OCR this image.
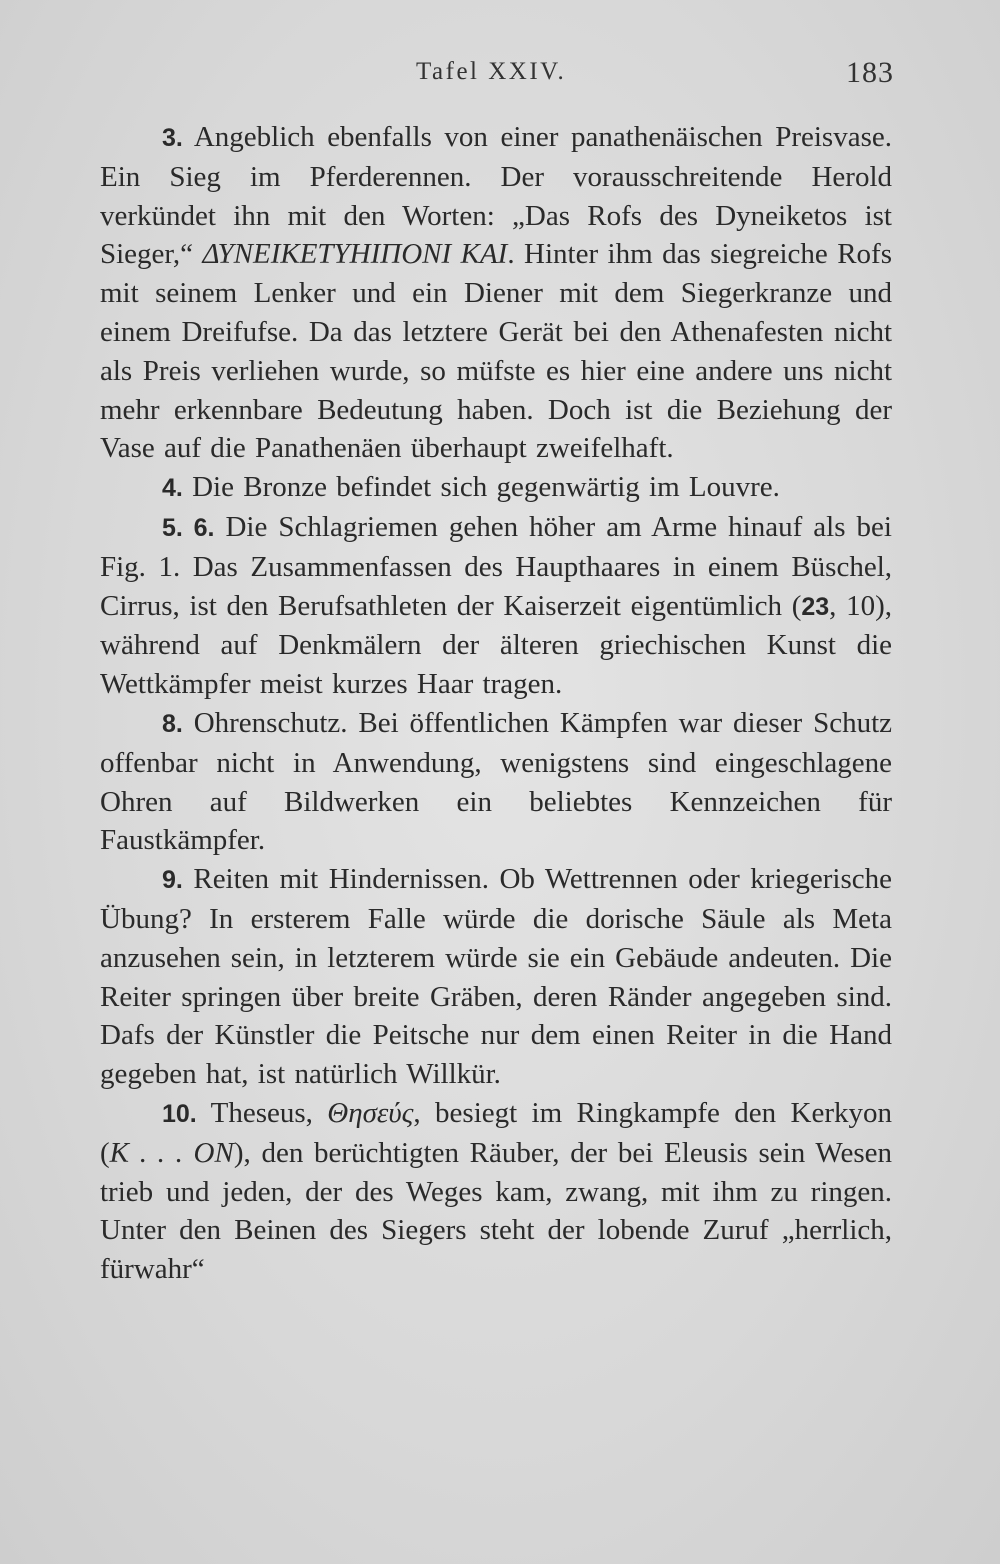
Tafel XXIV.	183

3. Angeblich ebenfalls von einer panathenäischen Preisvase. Ein Sieg im Pferderennen. Der vorausschreitende Herold verkündet ihn mit den Worten: „Das Rofs des Dyneiketos ist Sieger,“ ΔΥΝΕΙΚΕΤΥΗΙΠΟΝΙ ΚΑΙ. Hinter ihm das siegreiche Rofs mit seinem Lenker und ein Diener mit dem Siegerkranze und einem Dreifufse. Da das letztere Gerät bei den Athenafesten nicht als Preis verliehen wurde, so müfste es hier eine andere uns nicht mehr erkennbare Bedeutung haben. Doch ist die Beziehung der Vase auf die Panathenäen überhaupt zweifelhaft.

4. Die Bronze befindet sich gegenwärtig im Louvre.

5. 6. Die Schlagriemen gehen höher am Arme hinauf als bei Fig. 1. Das Zusammenfassen des Haupthaares in einem Büschel, Cirrus, ist den Berufsathleten der Kaiserzeit eigentümlich (23, 10), während auf Denkmälern der älteren griechischen Kunst die Wettkämpfer meist kurzes Haar tragen.

8. Ohrenschutz. Bei öffentlichen Kämpfen war dieser Schutz offenbar nicht in Anwendung, wenigstens sind eingeschlagene Ohren auf Bildwerken ein beliebtes Kennzeichen für Faustkämpfer.

9. Reiten mit Hindernissen. Ob Wettrennen oder kriegerische Übung? In ersterem Falle würde die dorische Säule als Meta anzusehen sein, in letzterem würde sie ein Gebäude andeuten. Die Reiter springen über breite Gräben, deren Ränder angegeben sind. Dafs der Künstler die Peitsche nur dem einen Reiter in die Hand gegeben hat, ist natürlich Willkür.

10. Theseus, Θησεύς, besiegt im Ringkampfe den Kerkyon (Κ . . . ΟΝ), den berüchtigten Räuber, der bei Eleusis sein Wesen trieb und jeden, der des Weges kam, zwang, mit ihm zu ringen. Unter den Beinen des Siegers steht der lobende Zuruf „herrlich, fürwahr“
